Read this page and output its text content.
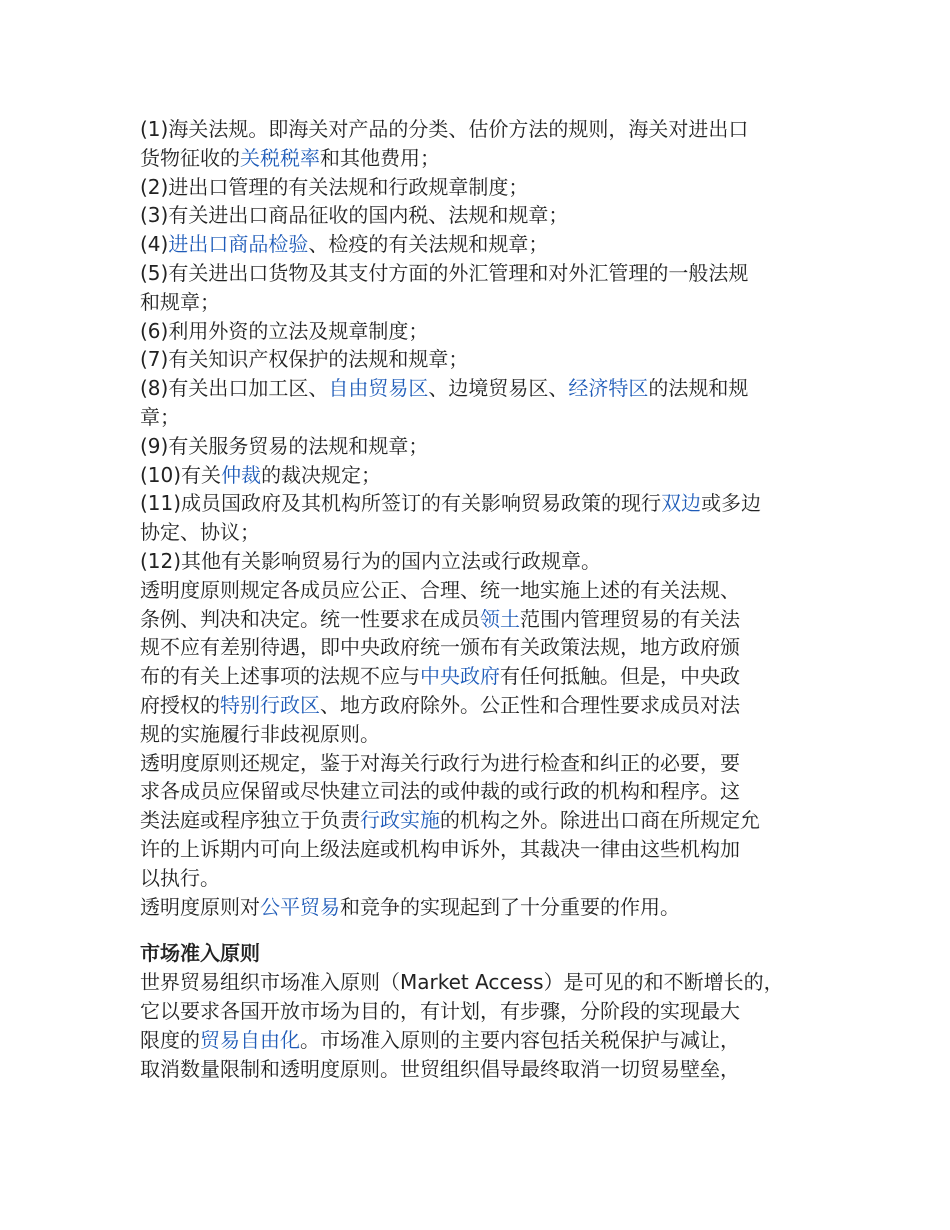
(1)海关法规。即海关对产品的分类、估价方法的规则，海关对进出口
货物征收的关税税率和其他费用；
(2)进出口管理的有关法规和行政规章制度；
(3)有关进出口商品征收的国内税、法规和规章；
(4)进出口商品检验、检疫的有关法规和规章；
(5)有关进出口货物及其支付方面的外汇管理和对外汇管理的一般法规
和规章；
(6)利用外资的立法及规章制度；
(7)有关知识产权保护的法规和规章；
(8)有关出口加工区、自由贸易区、边境贸易区、经济特区的法规和规
章；
(9)有关服务贸易的法规和规章；
(10)有关仲裁的裁决规定；
(11)成员国政府及其机构所签订的有关影响贸易政策的现行双边或多边
协定、协议；
(12)其他有关影响贸易行为的国内立法或行政规章。
透明度原则规定各成员应公正、合理、统一地实施上述的有关法规、
条例、判决和决定。统一性要求在成员领土范围内管理贸易的有关法
规不应有差别待遇，即中央政府统一颁布有关政策法规，地方政府颁
布的有关上述事项的法规不应与中央政府有任何抵触。但是，中央政
府授权的特别行政区、地方政府除外。公正性和合理性要求成员对法
规的实施履行非歧视原则。
透明度原则还规定，鉴于对海关行政行为进行检查和纠正的必要，要
求各成员应保留或尽快建立司法的或仲裁的或行政的机构和程序。这
类法庭或程序独立于负责行政实施的机构之外。除进出口商在所规定允
许的上诉期内可向上级法庭或机构申诉外，其裁决一律由这些机构加
以执行。
透明度原则对公平贸易和竞争的实现起到了十分重要的作用。
市场准入原则
世界贸易组织市场准入原则（Market Access）是可见的和不断增长的，
它以要求各国开放市场为目的，有计划，有步骤，分阶段的实现最大
限度的贸易自由化。市场准入原则的主要内容包括关税保护与减让，
取消数量限制和透明度原则。世贸组织倡导最终取消一切贸易壁垒，
